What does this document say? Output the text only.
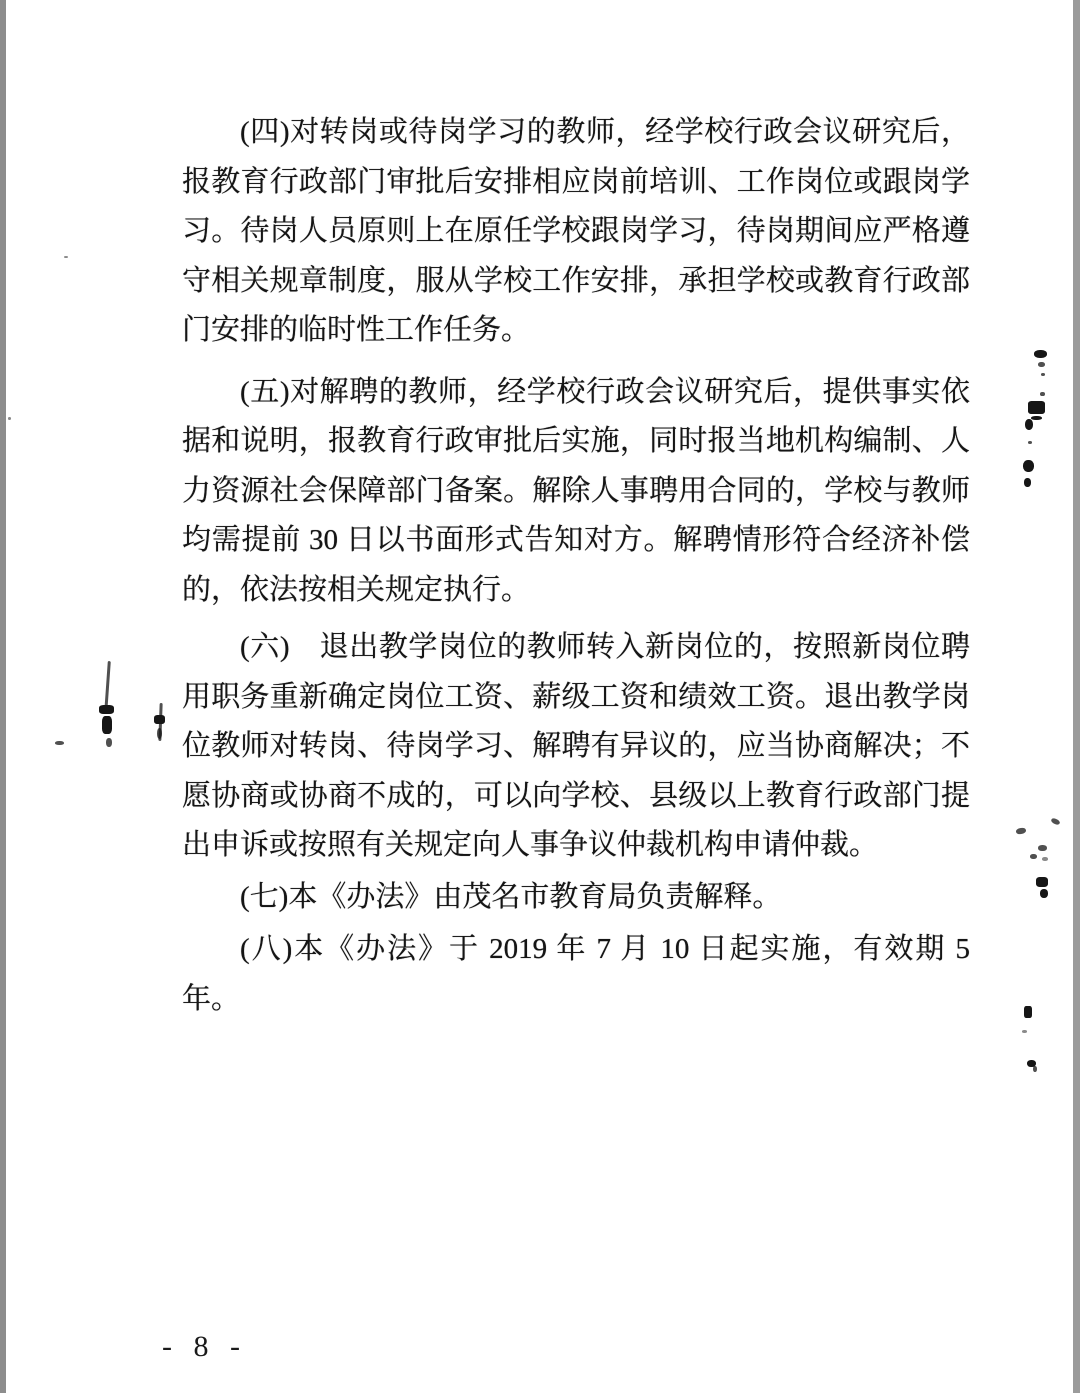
(四)对转岗或待岗学习的教师，经学校行政会议研究后，报教育行政部门审批后安排相应岗前培训、工作岗位或跟岗学习。待岗人员原则上在原任学校跟岗学习，待岗期间应严格遵守相关规章制度，服从学校工作安排，承担学校或教育行政部门安排的临时性工作任务。

(五)对解聘的教师，经学校行政会议研究后，提供事实依据和说明，报教育行政审批后实施，同时报当地机构编制、人力资源社会保障部门备案。解除人事聘用合同的，学校与教师均需提前 30 日以书面形式告知对方。解聘情形符合经济补偿的，依法按相关规定执行。

(六)　退出教学岗位的教师转入新岗位的，按照新岗位聘用职务重新确定岗位工资、薪级工资和绩效工资。退出教学岗位教师对转岗、待岗学习、解聘有异议的，应当协商解决；不愿协商或协商不成的，可以向学校、县级以上教育行政部门提出申诉或按照有关规定向人事争议仲裁机构申请仲裁。

(七)本《办法》由茂名市教育局负责解释。

(八)本《办法》于 2019 年 7 月 10 日起实施，有效期 5 年。

- 8 -
